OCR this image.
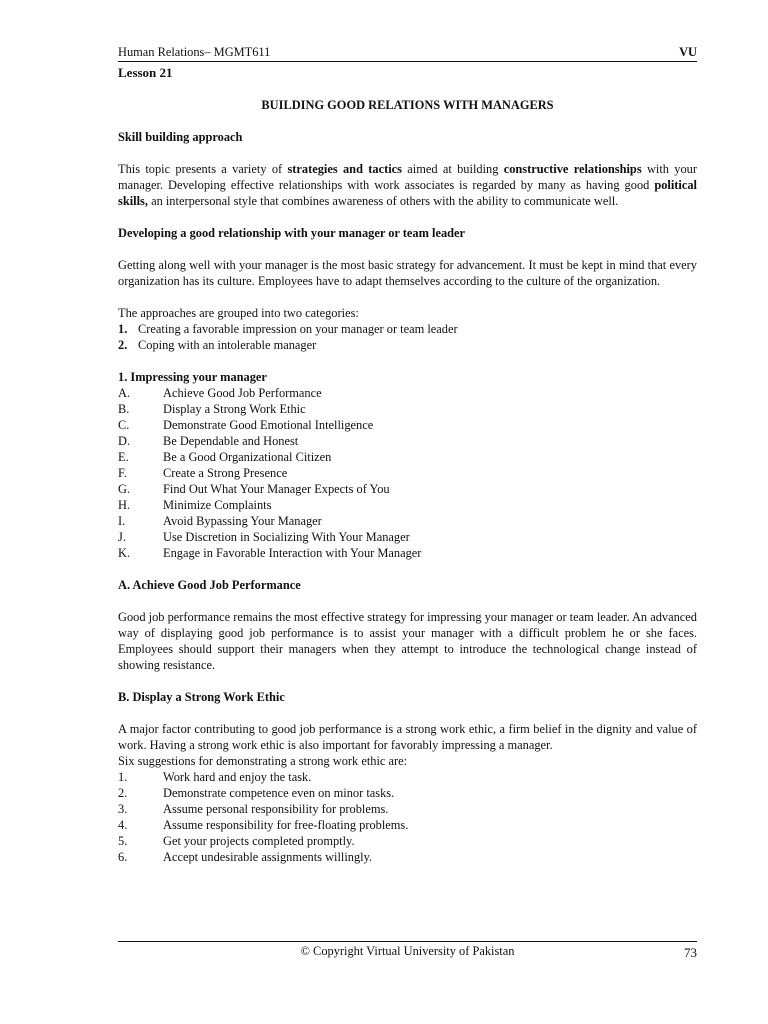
Human Relations– MGMT611	VU
Lesson 21
BUILDING GOOD RELATIONS WITH MANAGERS
Skill building approach

This topic presents a variety of strategies and tactics aimed at building constructive relationships with your manager. Developing effective relationships with work associates is regarded by many as having good political skills, an interpersonal style that combines awareness of others with the ability to communicate well.

Developing a good relationship with your manager or team leader

Getting along well with your manager is the most basic strategy for advancement. It must be kept in mind that every organization has its culture. Employees have to adapt themselves according to the culture of the organization.

The approaches are grouped into two categories:

1. Creating a favorable impression on your manager or team leader
2. Coping with an intolerable manager
1. Impressing your manager
A.	Achieve Good Job Performance
B.	Display a Strong Work Ethic
C.	Demonstrate Good Emotional Intelligence
D.	Be Dependable and Honest
E.	Be a Good Organizational Citizen
F.	Create a Strong Presence
G.	Find Out What Your Manager Expects of You
H.	Minimize Complaints
I.	Avoid Bypassing Your Manager
J.	Use Discretion in Socializing With Your Manager
K.	Engage in Favorable Interaction with Your Manager
A. Achieve Good Job Performance

Good job performance remains the most effective strategy for impressing your manager or team leader. An advanced way of displaying good job performance is to assist your manager with a difficult problem he or she faces. Employees should support their managers when they attempt to introduce the technological change instead of showing resistance.

B. Display a Strong Work Ethic

A major factor contributing to good job performance is a strong work ethic, a firm belief in the dignity and value of work. Having a strong work ethic is also important for favorably impressing a manager.

Six suggestions for demonstrating a strong work ethic are:

1.	Work hard and enjoy the task.
2.	Demonstrate competence even on minor tasks.
3.	Assume personal responsibility for problems.
4.	Assume responsibility for free-floating problems.
5.	Get your projects completed promptly.
6.	Accept undesirable assignments willingly.
© Copyright Virtual University of Pakistan	73
